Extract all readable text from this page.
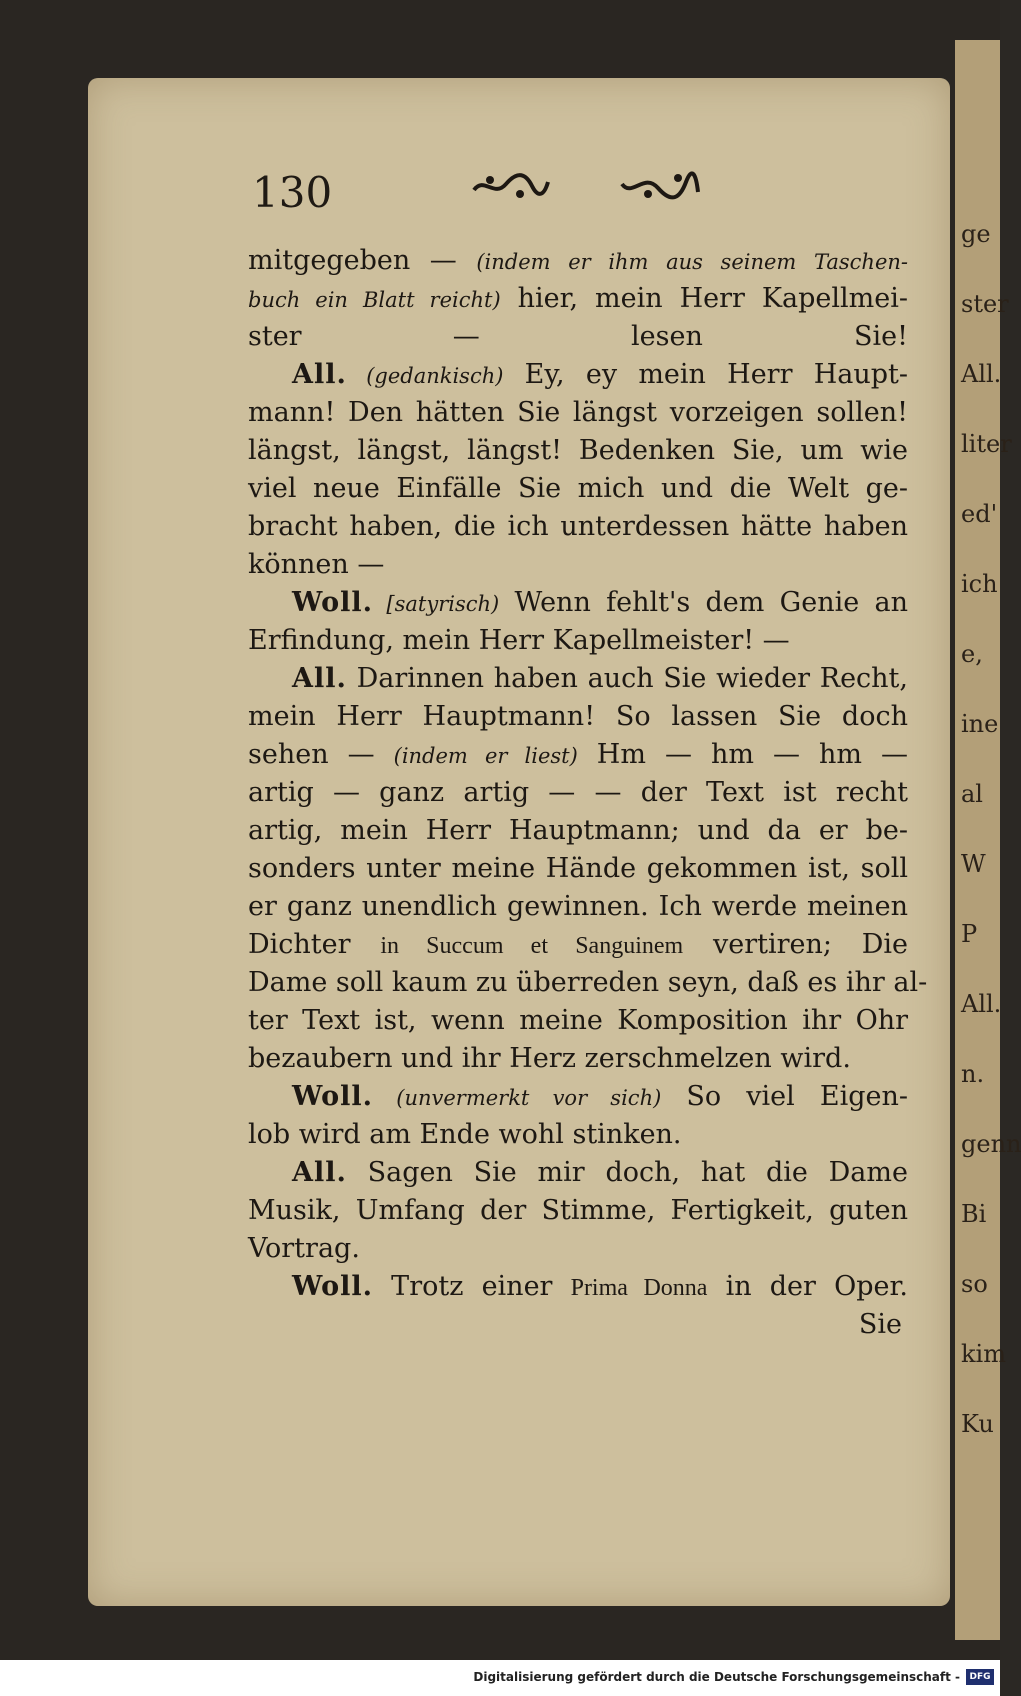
ge
ster
All.
liter
ed'
ich
e,
ine
al
W
P
All.
n.
genn
Bi
so
kim
Ku
130
mitgegeben — (indem er ihm aus seinem Taschen-
buch ein Blatt reicht) hier, mein Herr Kapellmei-
ster — lesen Sie!
All. (gedankisch) Ey, ey mein Herr Haupt-
mann! Den hätten Sie längst vorzeigen sollen!
längst, längst, längst! Bedenken Sie, um wie
viel neue Einfälle Sie mich und die Welt ge-
bracht haben, die ich unterdessen hätte haben
können —
Woll. [satyrisch) Wenn fehlt's dem Genie an
Erfindung, mein Herr Kapellmeister! —
All. Darinnen haben auch Sie wieder Recht,
mein Herr Hauptmann! So lassen Sie doch
sehen — (indem er liest) Hm — hm — hm —
artig — ganz artig — — der Text ist recht
artig, mein Herr Hauptmann; und da er be-
sonders unter meine Hände gekommen ist, soll
er ganz unendlich gewinnen. Ich werde meinen
Dichter in Succum et Sanguinem vertiren; Die
Dame soll kaum zu überreden seyn, daß es ihr al-
ter Text ist, wenn meine Komposition ihr Ohr
bezaubern und ihr Herz zerschmelzen wird.
Woll. (unvermerkt vor sich) So viel Eigen-
lob wird am Ende wohl stinken.
All. Sagen Sie mir doch, hat die Dame
Musik, Umfang der Stimme, Fertigkeit, guten
Vortrag.
Woll. Trotz einer Prima Donna in der Oper.
Sie
Digitalisierung gefördert durch die Deutsche Forschungsgemeinschaft -	DFG
